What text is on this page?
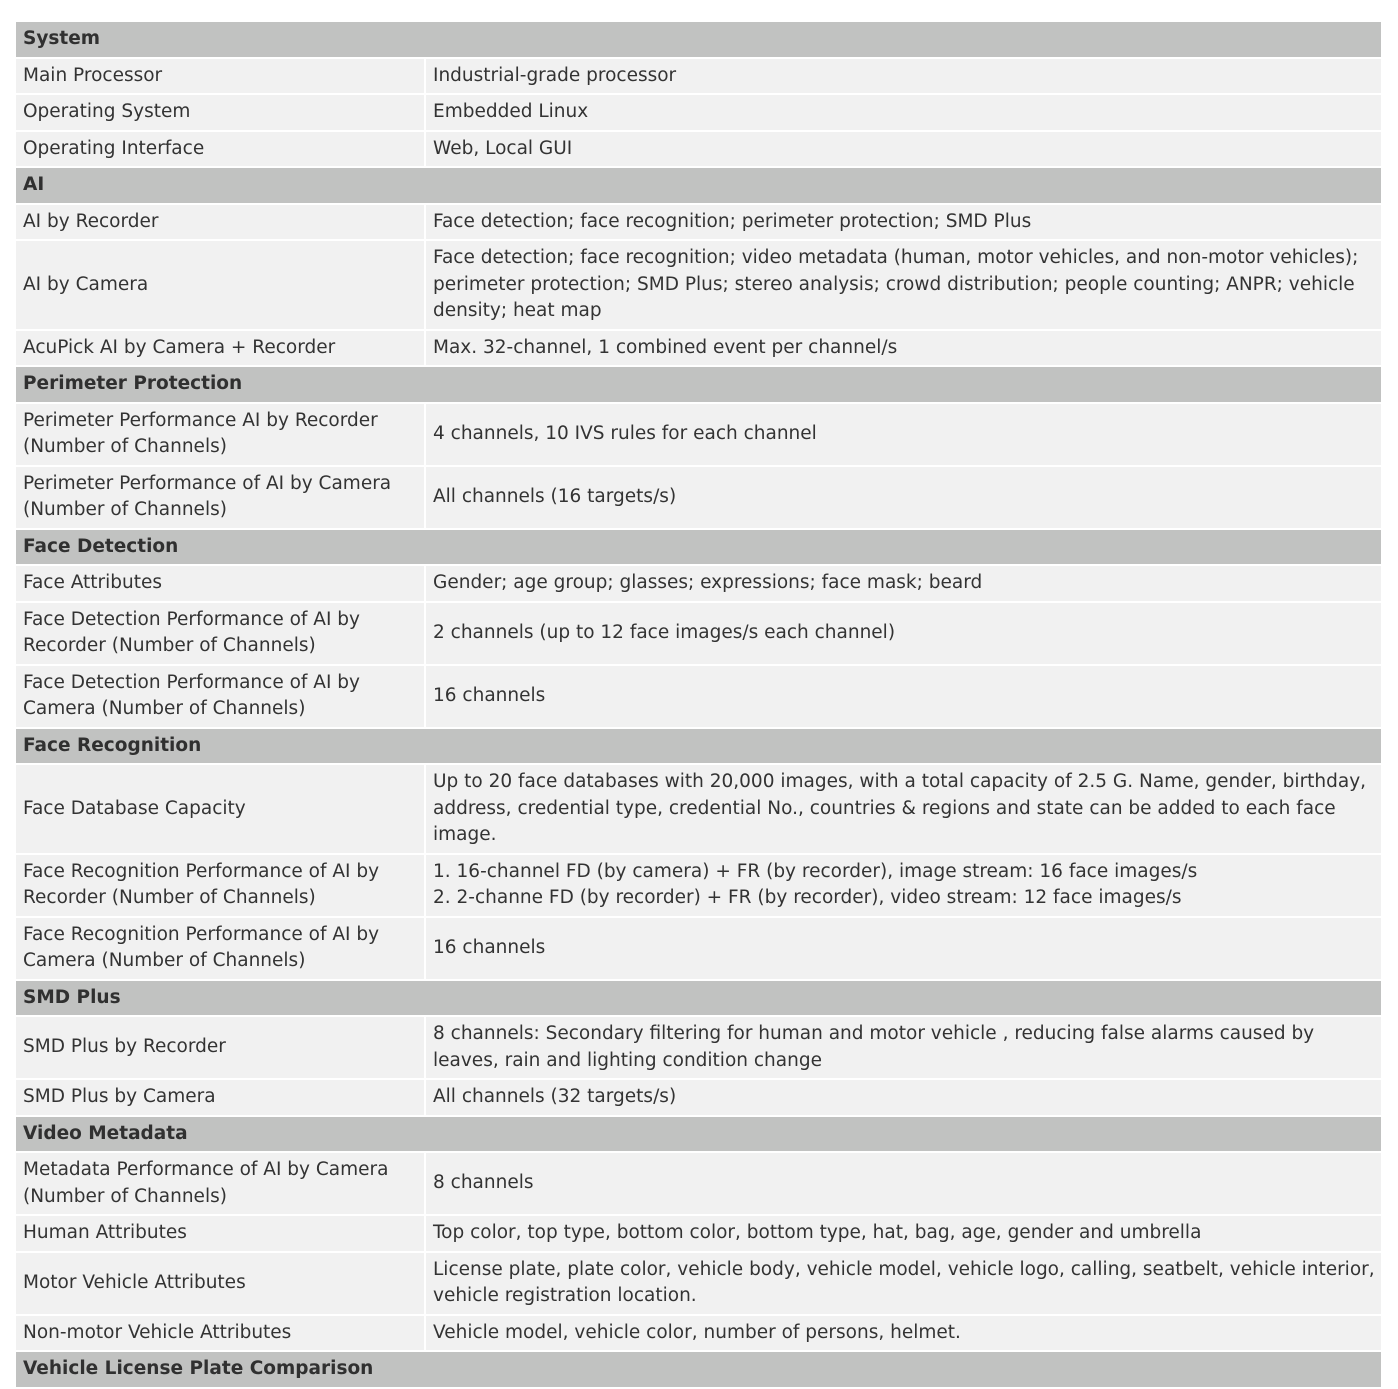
System	
Main Processor	Industrial-grade processor

Operating System	Embedded Linux

Operating Interface	Web, Local GUI

AI	
AI by Recorder	Face detection; face recognition; perimeter protection; SMD Plus

AI by Camera	Face detection; face recognition; video metadata (human, motor vehicles, and non-motor vehicles); perimeter protection; SMD Plus; stereo analysis; crowd distribution; people counting; ANPR; vehicle density; heat map

AcuPick AI by Camera + Recorder	Max. 32-channel, 1 combined event per channel/s

Perimeter Protection	
Perimeter Performance AI by Recorder (Number of Channels)	4 channels, 10 IVS rules for each channel

Perimeter Performance of AI by Camera (Number of Channels)	All channels (16 targets/s)

Face Detection	
Face Attributes	Gender; age group; glasses; expressions; face mask; beard

Face Detection Performance of AI by Recorder (Number of Channels)	2 channels (up to 12 face images/s each channel)

Face Detection Performance of AI by Camera (Number of Channels)	16 channels

Face Recognition	
Face Database Capacity	Up to 20 face databases with 20,000 images, with a total capacity of 2.5 G. Name, gender, birthday, address, credential type, credential No., countries & regions and state can be added to each face image.

Face Recognition Performance of AI by Recorder (Number of Channels)	1. 16-channel FD (by camera) + FR (by recorder), image stream: 16 face images/s
2. 2-channe FD (by recorder) + FR (by recorder), video stream: 12 face images/s

Face Recognition Performance of AI by Camera (Number of Channels)	16 channels

SMD Plus	
SMD Plus by Recorder	8 channels: Secondary filtering for human and motor vehicle , reducing false alarms caused by leaves, rain and lighting condition change

SMD Plus by Camera	All channels (32 targets/s)

Video Metadata	
Metadata Performance of AI by Camera (Number of Channels)	8 channels

Human Attributes	Top color, top type, bottom color, bottom type, hat, bag, age, gender and umbrella

Motor Vehicle Attributes	License plate, plate color, vehicle body, vehicle model, vehicle logo, calling, seatbelt, vehicle interior, vehicle registration location.

Non-motor Vehicle Attributes	Vehicle model, vehicle color, number of persons, helmet.

Vehicle License Plate Comparison	
